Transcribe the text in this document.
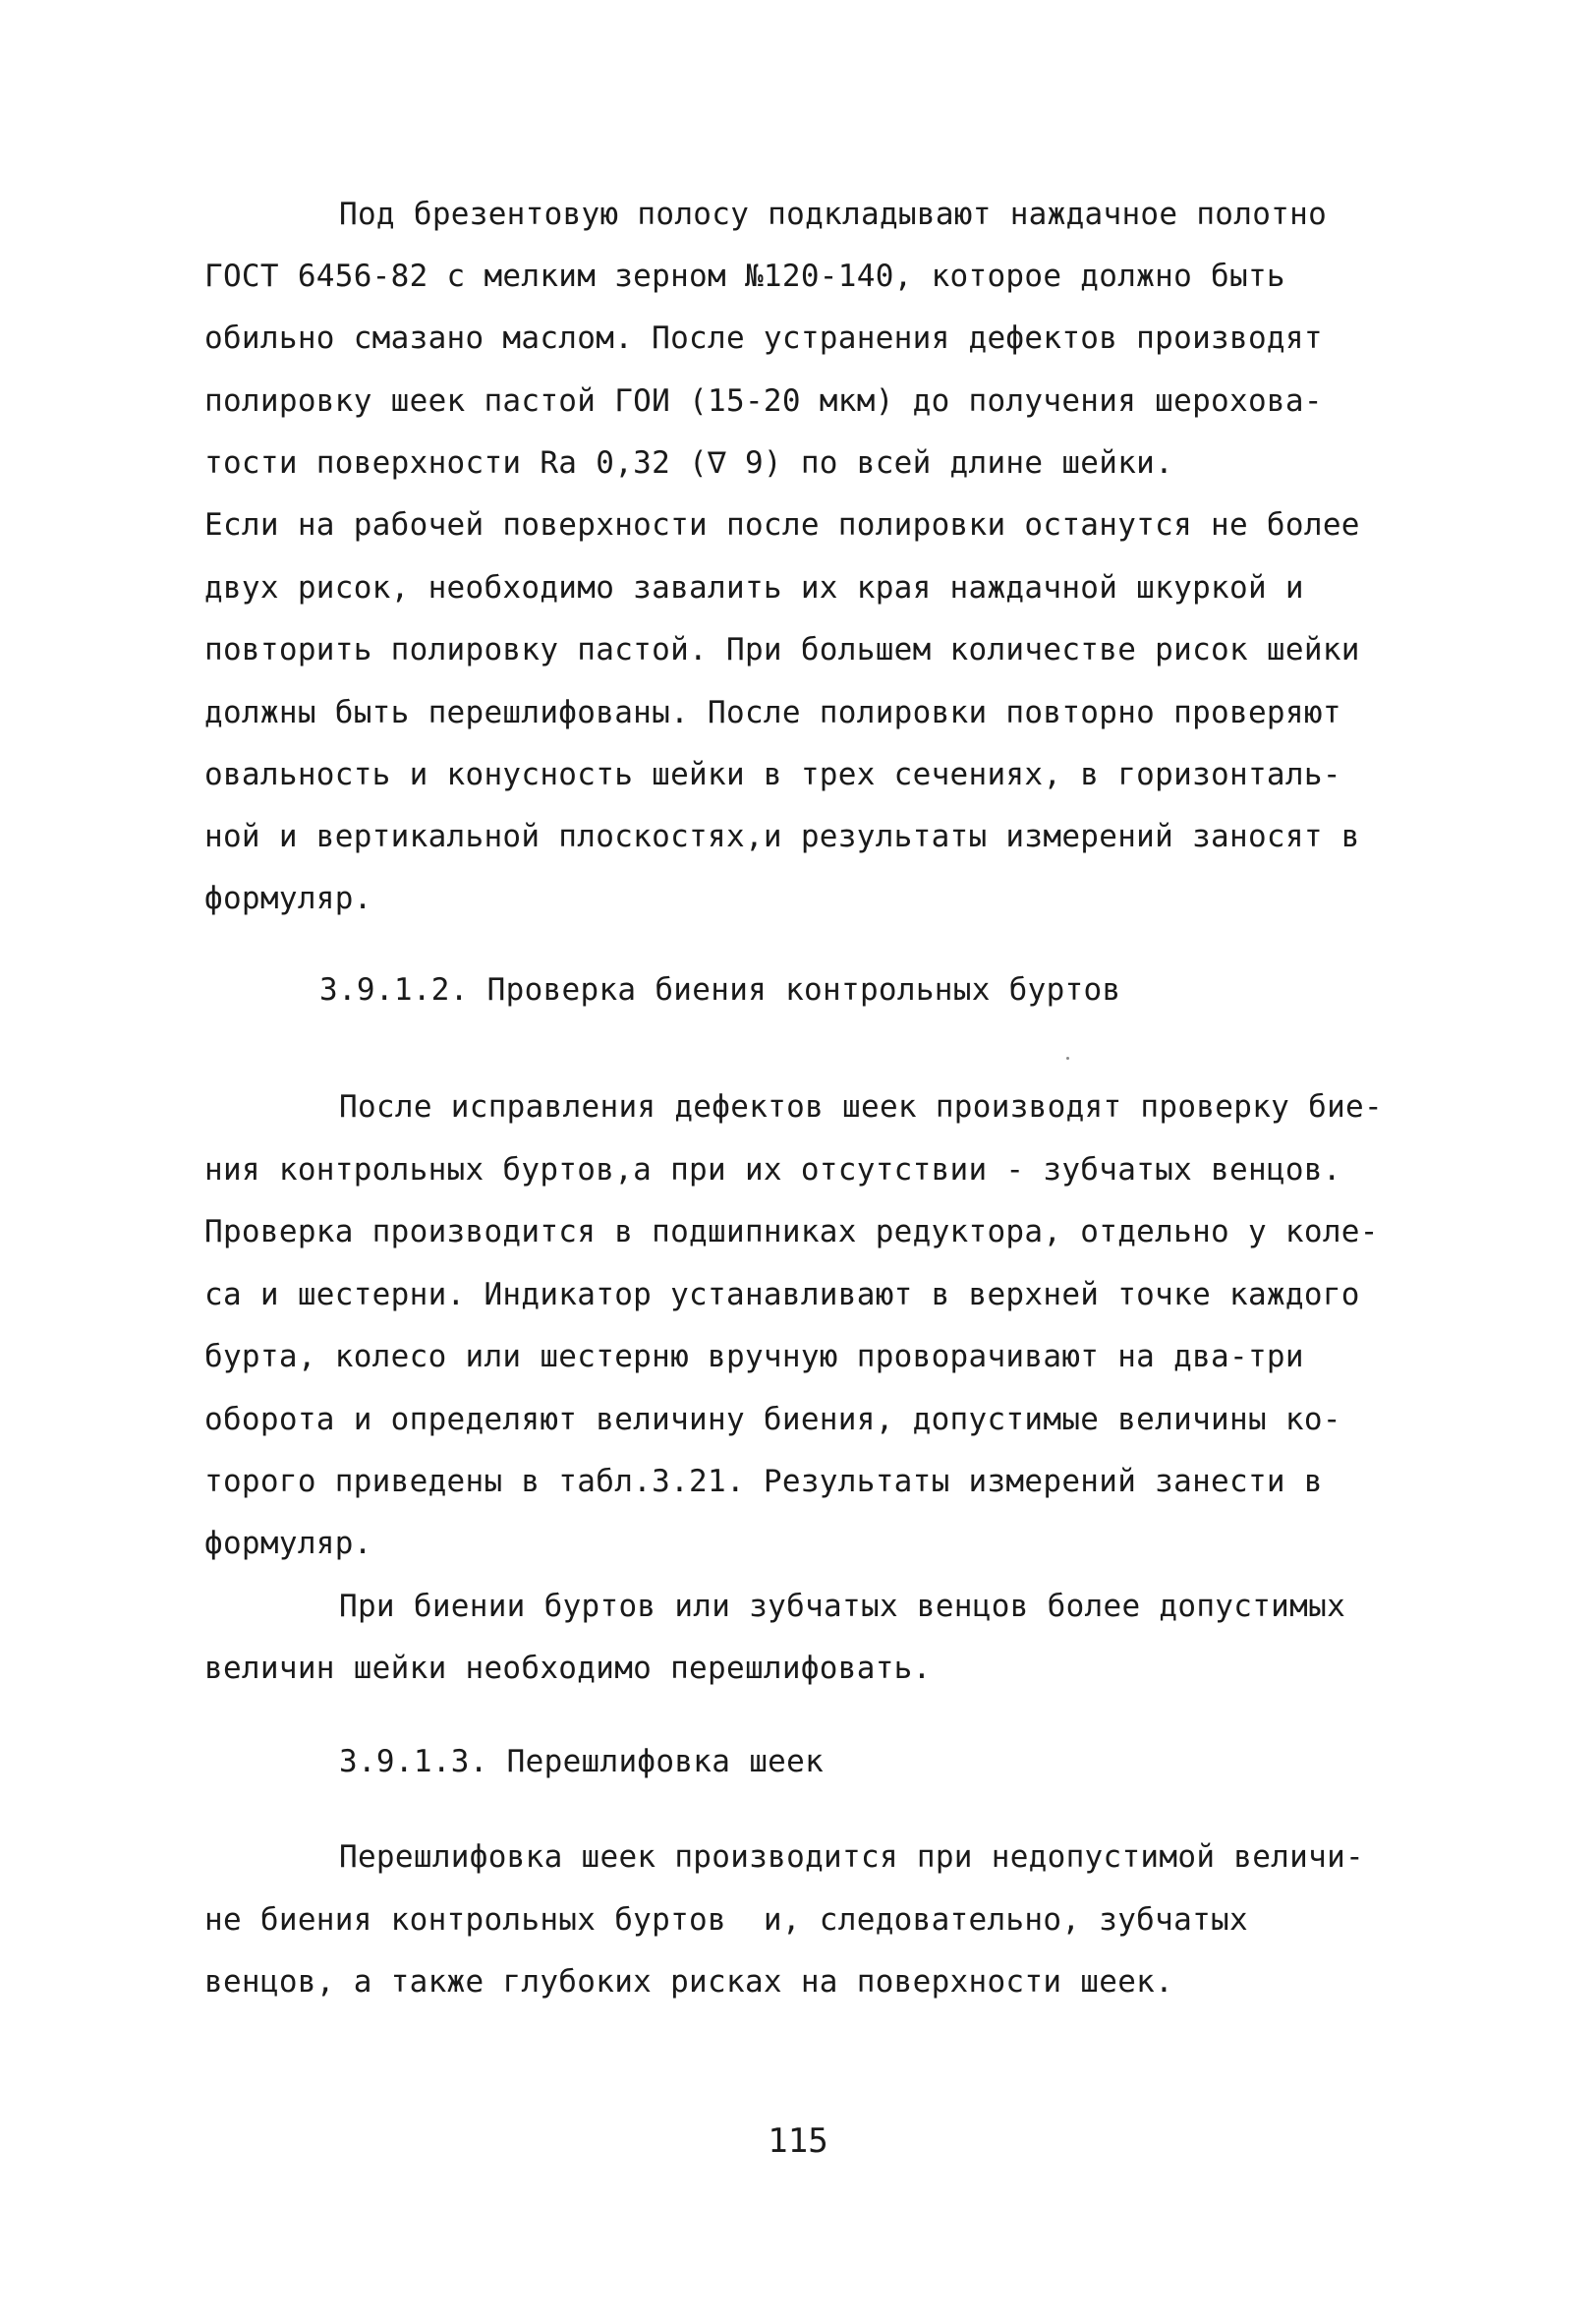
Под брезентовую полосу подкладывают наждачное полотно
ГОСТ 6456-82 с мелким зерном №120-140, которое должно быть
обильно смазано маслом. После устранения дефектов производят
полировку шеек пастой ГОИ (15-20 мкм) до получения шерохова-
тости поверхности Ra 0,32 (∇ 9) по всей длине шейки.
Если на рабочей поверхности после полировки останутся не более
двух рисок, необходимо завалить их края наждачной шкуркой и
повторить полировку пастой. При большем количестве рисок шейки
должны быть перешлифованы. После полировки повторно проверяют
овальность и конусность шейки в трех сечениях, в горизонталь-
ной и вертикальной плоскостях,и результаты измерений заносят в
формуляр.
3.9.1.2. Проверка биения контрольных буртов
После исправления дефектов шеек производят проверку бие-
ния контрольных буртов,а при их отсутствии - зубчатых венцов.
Проверка производится в подшипниках редуктора, отдельно у коле-
са и шестерни. Индикатор устанавливают в верхней точке каждого
бурта, колесо или шестерню вручную проворачивают на два-три
оборота и определяют величину биения, допустимые величины ко-
торого приведены в табл.3.21. Результаты измерений занести в
формуляр.
При биении буртов или зубчатых венцов более допустимых
величин шейки необходимо перешлифовать.
3.9.1.3. Перешлифовка шеек
Перешлифовка шеек производится при недопустимой величи-
не биения контрольных буртов  и, следовательно, зубчатых
венцов, а также глубоких рисках на поверхности шеек.
115
